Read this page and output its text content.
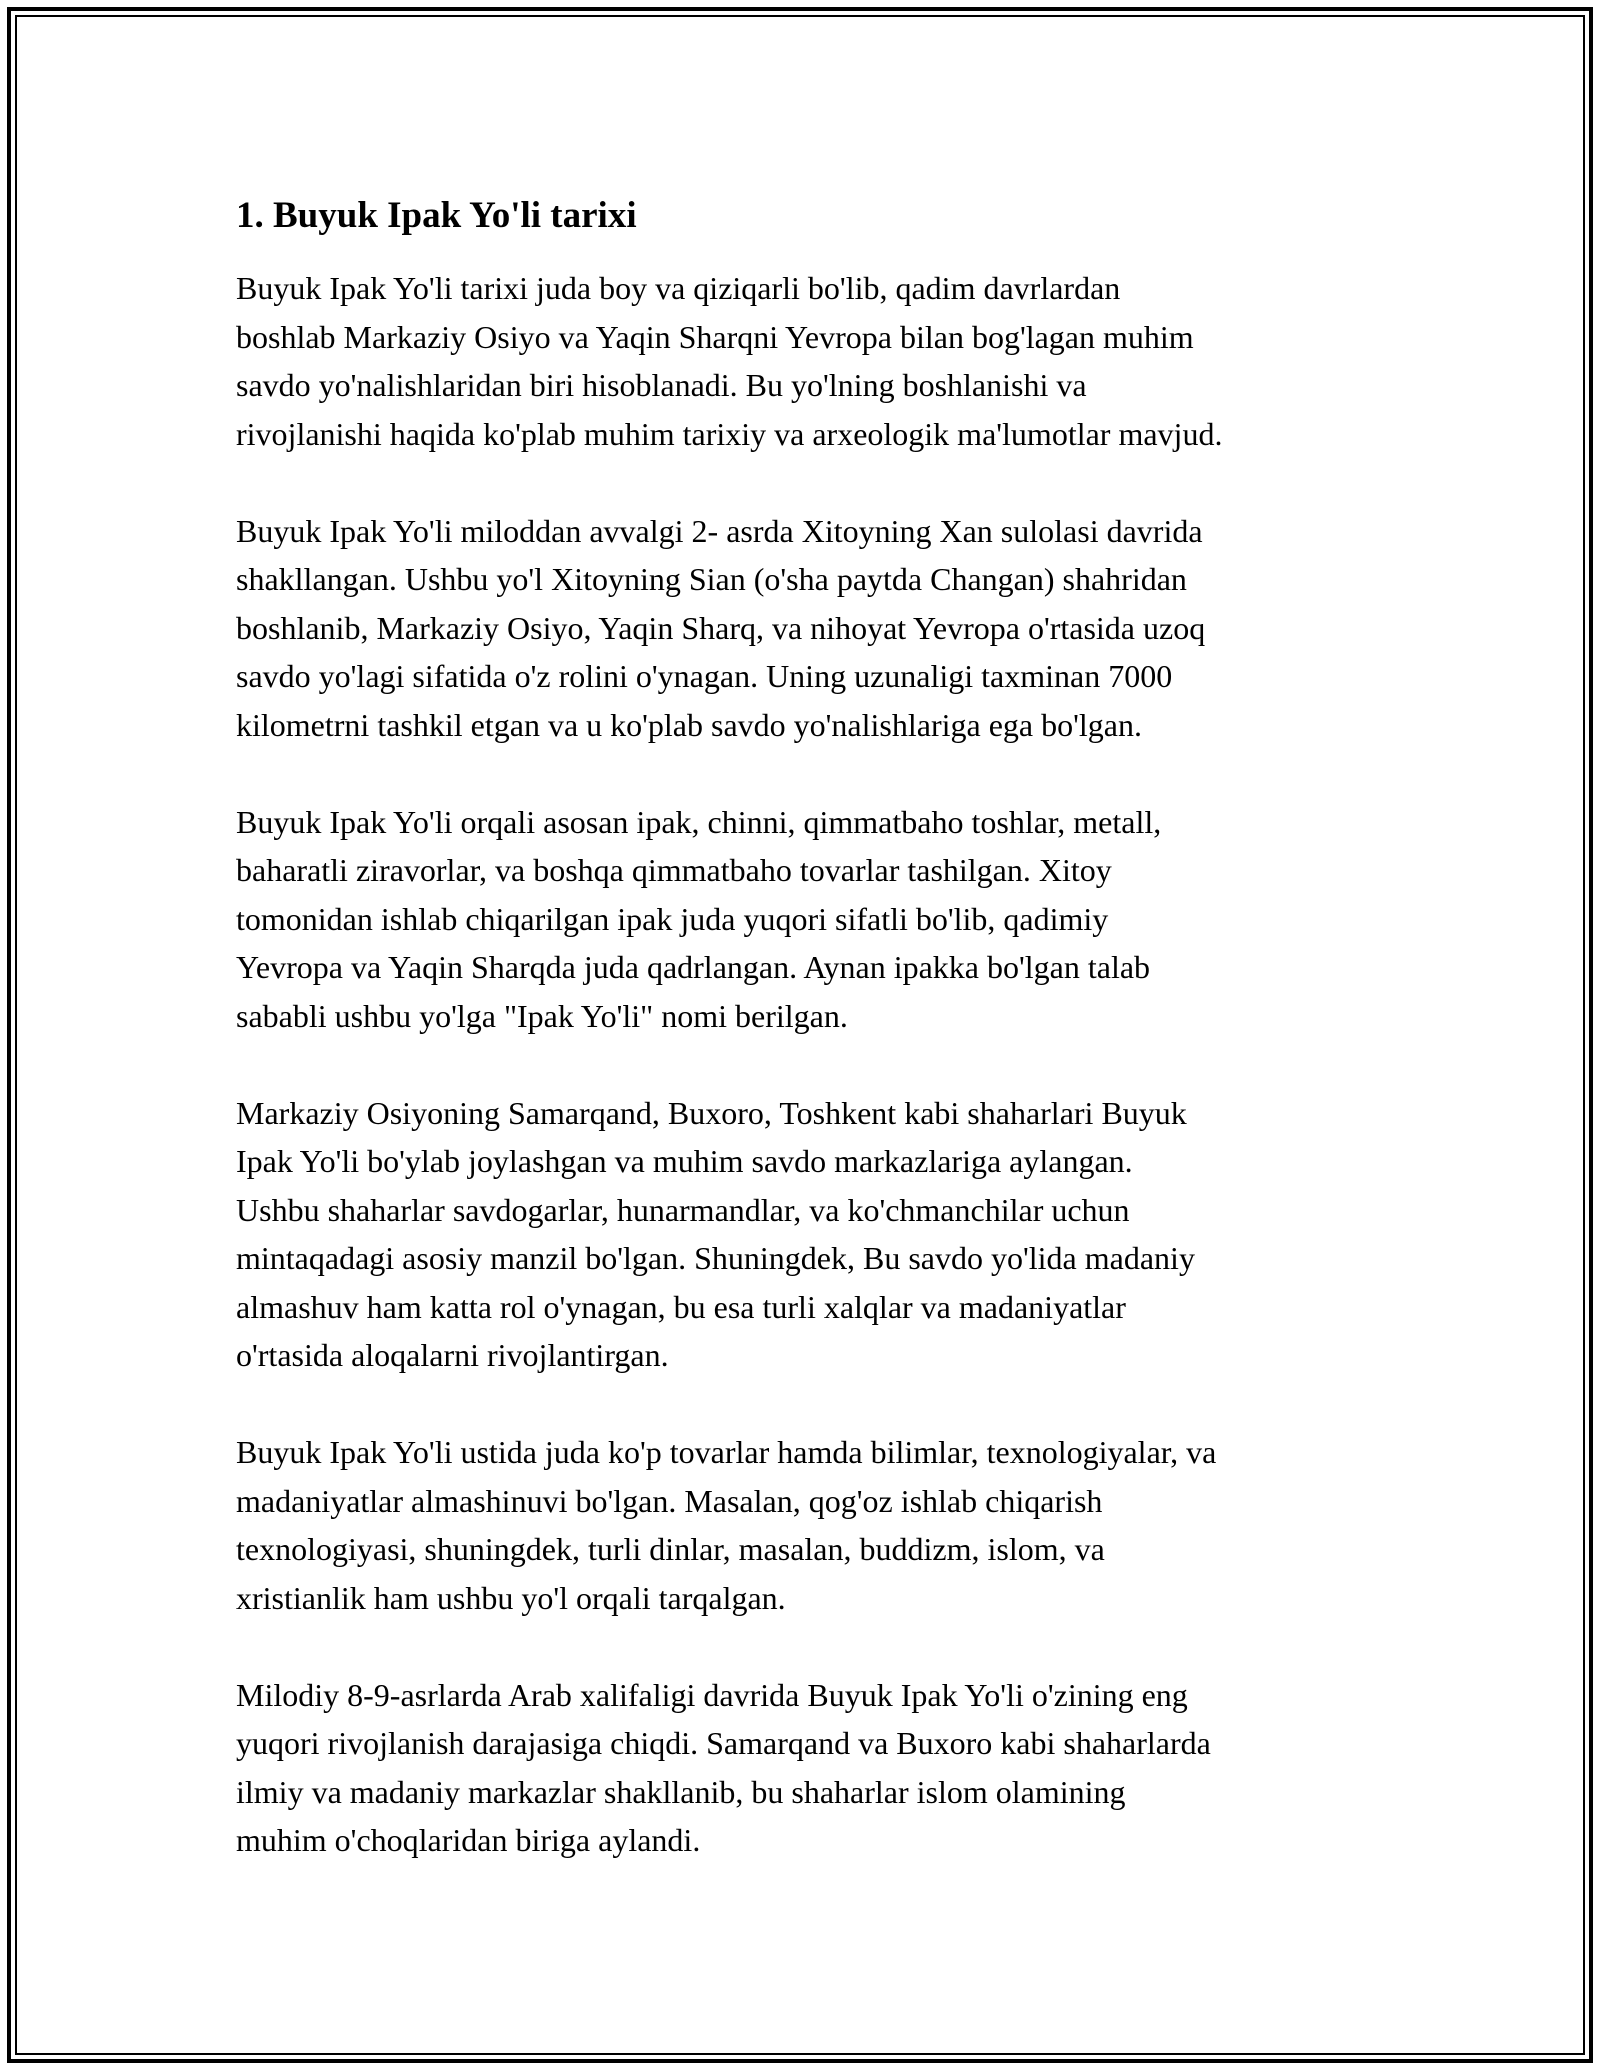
1. Buyuk Ipak Yo'li tarixi

Buyuk Ipak Yo'li tarixi juda boy va qiziqarli bo'lib, qadim davrlardan
boshlab Markaziy Osiyo va Yaqin Sharqni Yevropa bilan bog'lagan muhim
savdo yo'nalishlaridan biri hisoblanadi. Bu yo'lning boshlanishi va
rivojlanishi haqida ko'plab muhim tarixiy va arxeologik ma'lumotlar mavjud.

Buyuk Ipak Yo'li miloddan avvalgi 2- asrda Xitoyning Xan sulolasi davrida
shakllangan. Ushbu yo'l Xitoyning Sian (o'sha paytda Changan) shahridan
boshlanib, Markaziy Osiyo, Yaqin Sharq, va nihoyat Yevropa o'rtasida uzoq
savdo yo'lagi sifatida o'z rolini o'ynagan. Uning uzunaligi taxminan 7000
kilometrni tashkil etgan va u ko'plab savdo yo'nalishlariga ega bo'lgan.

Buyuk Ipak Yo'li orqali asosan ipak, chinni, qimmatbaho toshlar, metall,
baharatli ziravorlar, va boshqa qimmatbaho tovarlar tashilgan. Xitoy
tomonidan ishlab chiqarilgan ipak juda yuqori sifatli bo'lib, qadimiy
Yevropa va Yaqin Sharqda juda qadrlangan. Aynan ipakka bo'lgan talab
sababli ushbu yo'lga "Ipak Yo'li" nomi berilgan.

Markaziy Osiyoning Samarqand, Buxoro, Toshkent kabi shaharlari Buyuk
Ipak Yo'li bo'ylab joylashgan va muhim savdo markazlariga aylangan.
Ushbu shaharlar savdogarlar, hunarmandlar, va ko'chmanchilar uchun
mintaqadagi asosiy manzil bo'lgan. Shuningdek, Bu savdo yo'lida madaniy
almashuv ham katta rol o'ynagan, bu esa turli xalqlar va madaniyatlar
o'rtasida aloqalarni rivojlantirgan.

Buyuk Ipak Yo'li ustida juda ko'p tovarlar hamda bilimlar, texnologiyalar, va
madaniyatlar almashinuvi bo'lgan. Masalan, qog'oz ishlab chiqarish
texnologiyasi, shuningdek, turli dinlar, masalan, buddizm, islom, va
xristianlik ham ushbu yo'l orqali tarqalgan.

Milodiy 8-9-asrlarda Arab xalifaligi davrida Buyuk Ipak Yo'li o'zining eng
yuqori rivojlanish darajasiga chiqdi. Samarqand va Buxoro kabi shaharlarda
ilmiy va madaniy markazlar shakllanib, bu shaharlar islom olamining
muhim o'choqlaridan biriga aylandi.
